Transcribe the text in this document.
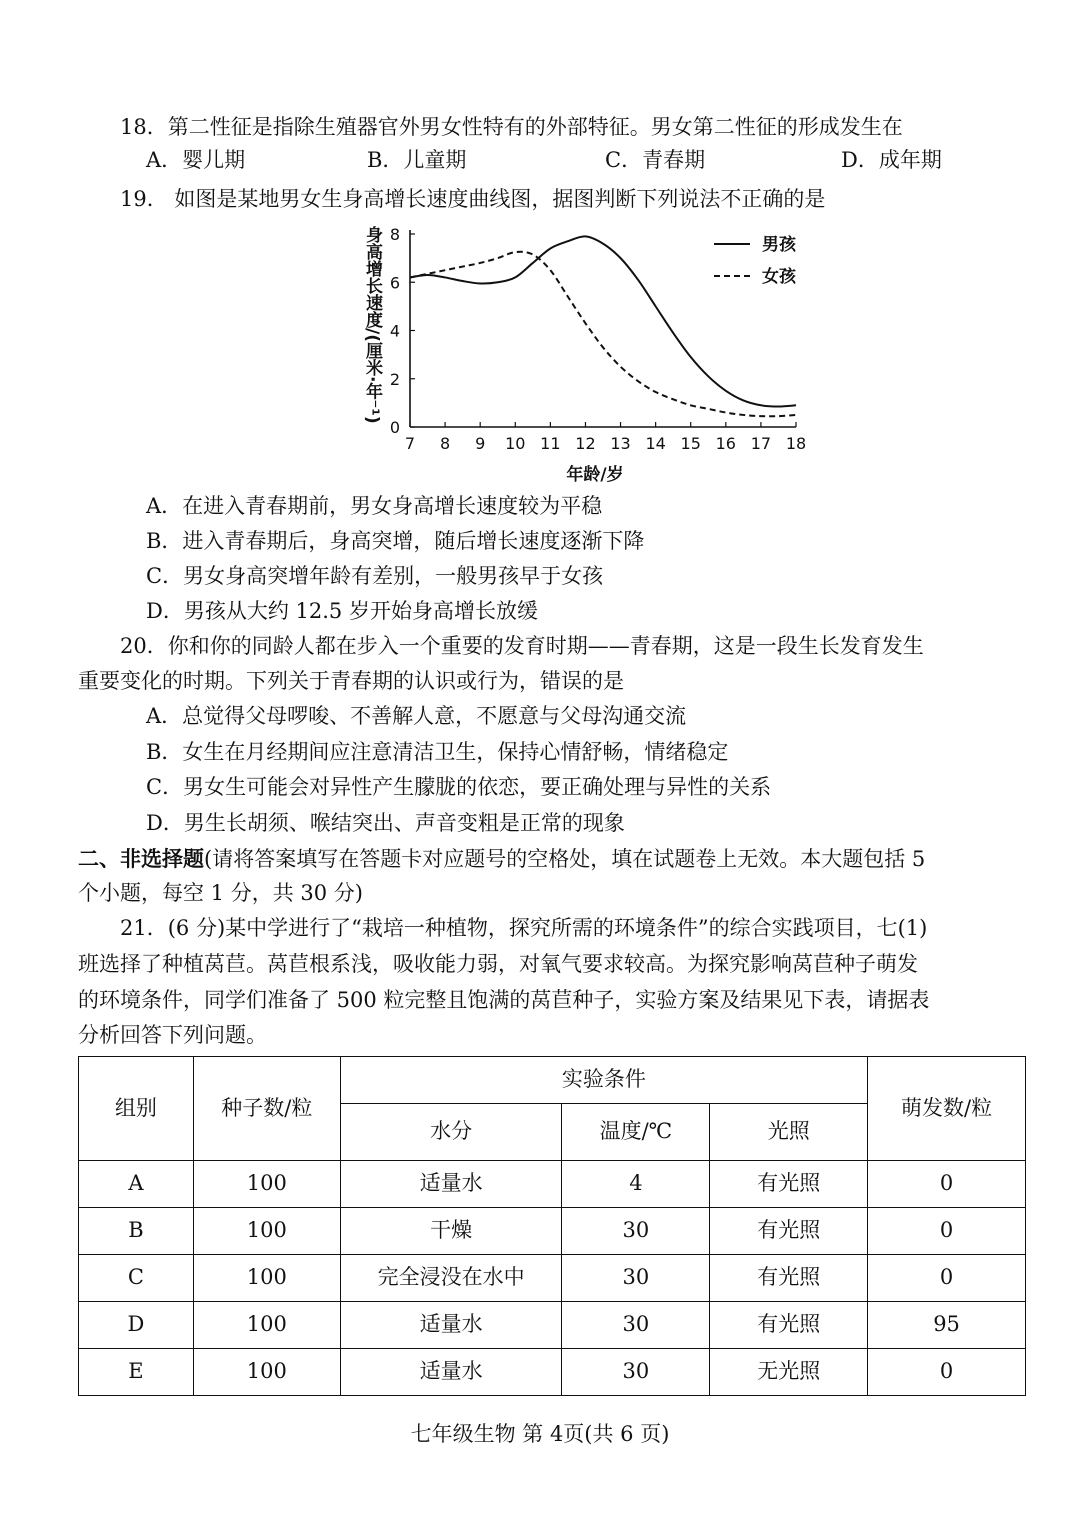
18．第二性征是指除生殖器官外男女性特有的外部特征。男女第二性征的形成发生在
A．婴儿期	B．儿童期	C．青春期	D．成年期
19． 如图是某地男女生身高增长速度曲线图，据图判断下列说法不正确的是
身高增长速度/(厘米·年⁻¹)
7 8 9 10 11 12 13 14 15 16 17 18
0
2
4
6
8
男孩
女孩
年龄/岁
A．在进入青春期前，男女身高增长速度较为平稳
B．进入青春期后，身高突增，随后增长速度逐渐下降
C．男女身高突增年龄有差别，一般男孩早于女孩
D．男孩从大约 12.5 岁开始身高增长放缓
20．你和你的同龄人都在步入一个重要的发育时期——青春期，这是一段生长发育发生
重要变化的时期。下列关于青春期的认识或行为，错误的是
A．总觉得父母啰唆、不善解人意，不愿意与父母沟通交流
B．女生在月经期间应注意清洁卫生，保持心情舒畅，情绪稳定
C．男女生可能会对异性产生朦胧的依恋，要正确处理与异性的关系
D．男生长胡须、喉结突出、声音变粗是正常的现象
二、非选择题(请将答案填写在答题卡对应题号的空格处，填在试题卷上无效。本大题包括 5
个小题，每空 1 分，共 30 分)
21．(6 分)某中学进行了“栽培一种植物，探究所需的环境条件”的综合实践项目，七(1)
班选择了种植莴苣。莴苣根系浅，吸收能力弱，对氧气要求较高。为探究影响莴苣种子萌发
的环境条件，同学们准备了 500 粒完整且饱满的莴苣种子，实验方案及结果见下表，请据表
分析回答下列问题。
组别	种子数/粒	实验条件			萌发数/粒
		水分	温度/℃	光照	
A	100	适量水	4	有光照	0
B	100	干燥	30	有光照	0
C	100	完全浸没在水中	30	有光照	0
D	100	适量水	30	有光照	95
E	100	适量水	30	无光照	0
七年级生物 第 4页(共 6 页)
